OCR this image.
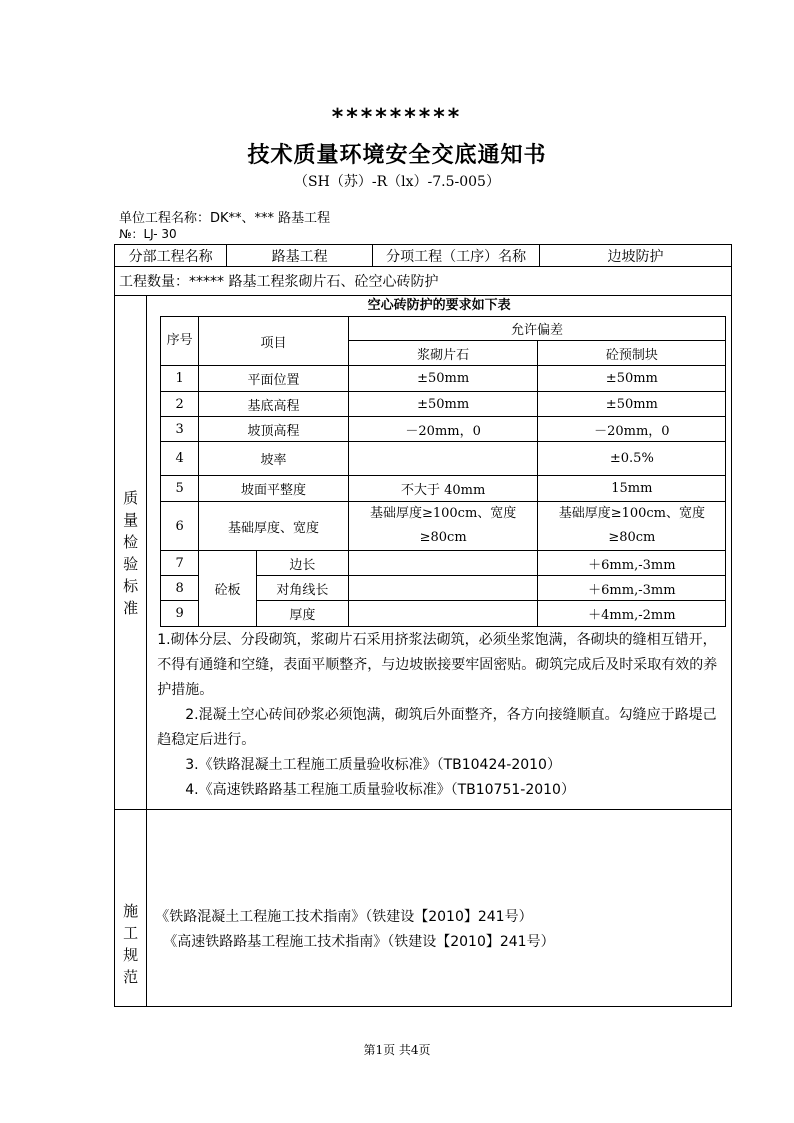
*********
技术质量环境安全交底通知书
（SH（苏）-R（lx）-7.5-005）
单位工程名称：DK**、*** 路基工程
№：LJ- 30
分部工程名称	路基工程	分项工程（工序）名称	边坡防护
工程数量：***** 路基工程浆砌片石、砼空心砖防护

质
量
检
验
标
准

空心砖防护的要求如下表
序号	项目	允许偏差
浆砌片石	砼预制块
1	平面位置	±50mm	±50mm
2	基底高程	±50mm	±50mm
3	坡顶高程	－20mm，0	－20mm，0
4	坡率		±0.5%
5	坡面平整度	不大于 40mm	15mm
6	基础厚度、宽度	基础厚度≥100cm、宽度≥80cm	基础厚度≥100cm、宽度≥80cm
7	砼板	边长		＋6mm,-3mm
8	对角线长		＋6mm,-3mm
9	厚度		＋4mm,-2mm

1.砌体分层、分段砌筑，浆砌片石采用挤浆法砌筑，必须坐浆饱满，各砌块的缝相互错开，不得有通缝和空缝，表面平顺整齐，与边坡嵌接要牢固密贴。砌筑完成后及时采取有效的养护措施。

2.混凝土空心砖间砂浆必须饱满，砌筑后外面整齐，各方向接缝顺直。勾缝应于路堤己趋稳定后进行。

3.《铁路混凝土工程施工质量验收标准》（TB10424-2010）

4.《高速铁路路基工程施工质量验收标准》（TB10751-2010）

施
工
规
范

《铁路混凝土工程施工技术指南》（铁建设【2010】241号）

《高速铁路路基工程施工技术指南》（铁建设【2010】241号）

第1页 共4页
